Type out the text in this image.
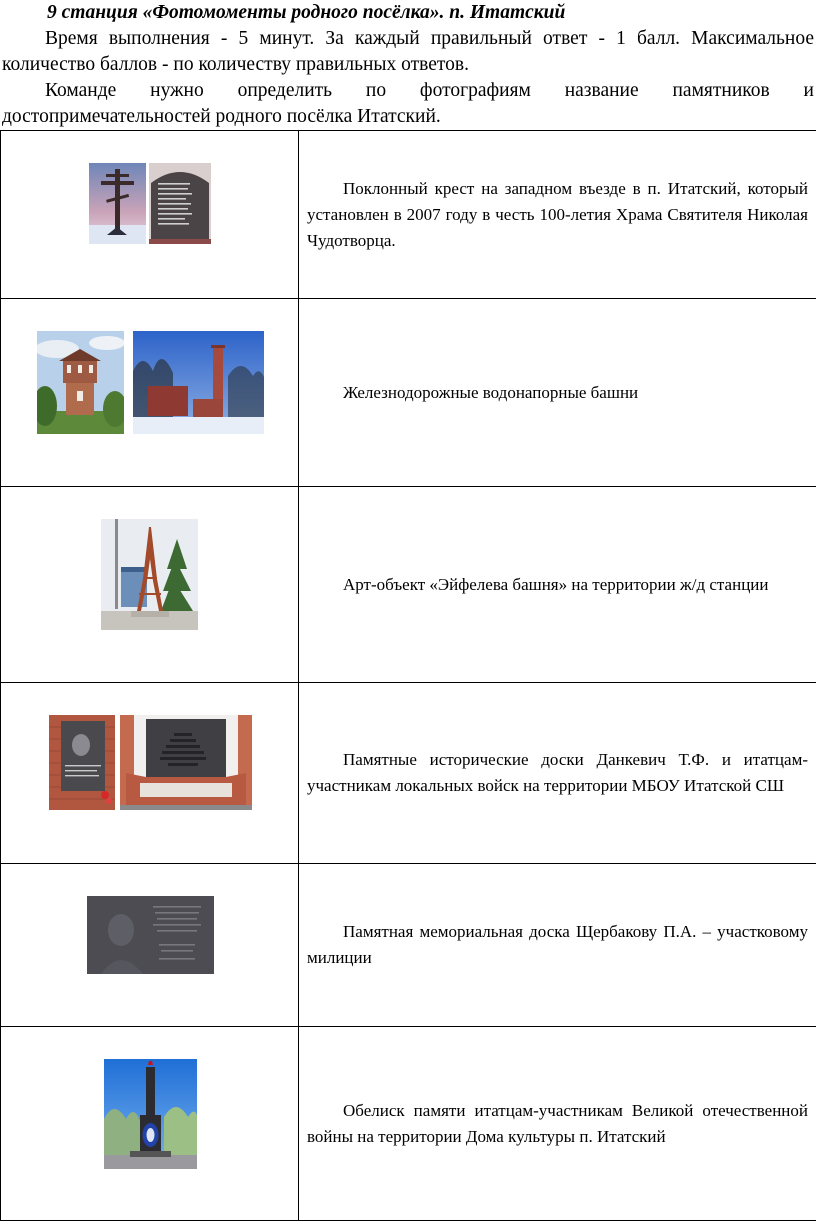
9 станция «Фотомоменты родного посёлка». п. Итатский

Время выполнения - 5 минут. За каждый правильный ответ - 1 балл. Максимальное количество баллов - по количеству правильных ответов.

Команде нужно определить по фотографиям название памятников и достопримечательностей родного посёлка Итатский.

Поклонный крест на западном въезде в п. Итатский, который установлен в 2007 году в честь 100-летия Храма Святителя Николая Чудотворца.

Железнодорожные водонапорные башни

Арт-объект «Эйфелева башня» на территории ж/д станции

Памятные исторические доски Данкевич Т.Ф. и итатцам-участникам локальных войск на территории МБОУ Итатской СШ

Памятная мемориальная доска Щербакову П.А. – участковому милиции

Обелиск памяти итатцам-участникам Великой отечественной войны на территории Дома культуры п. Итатский
